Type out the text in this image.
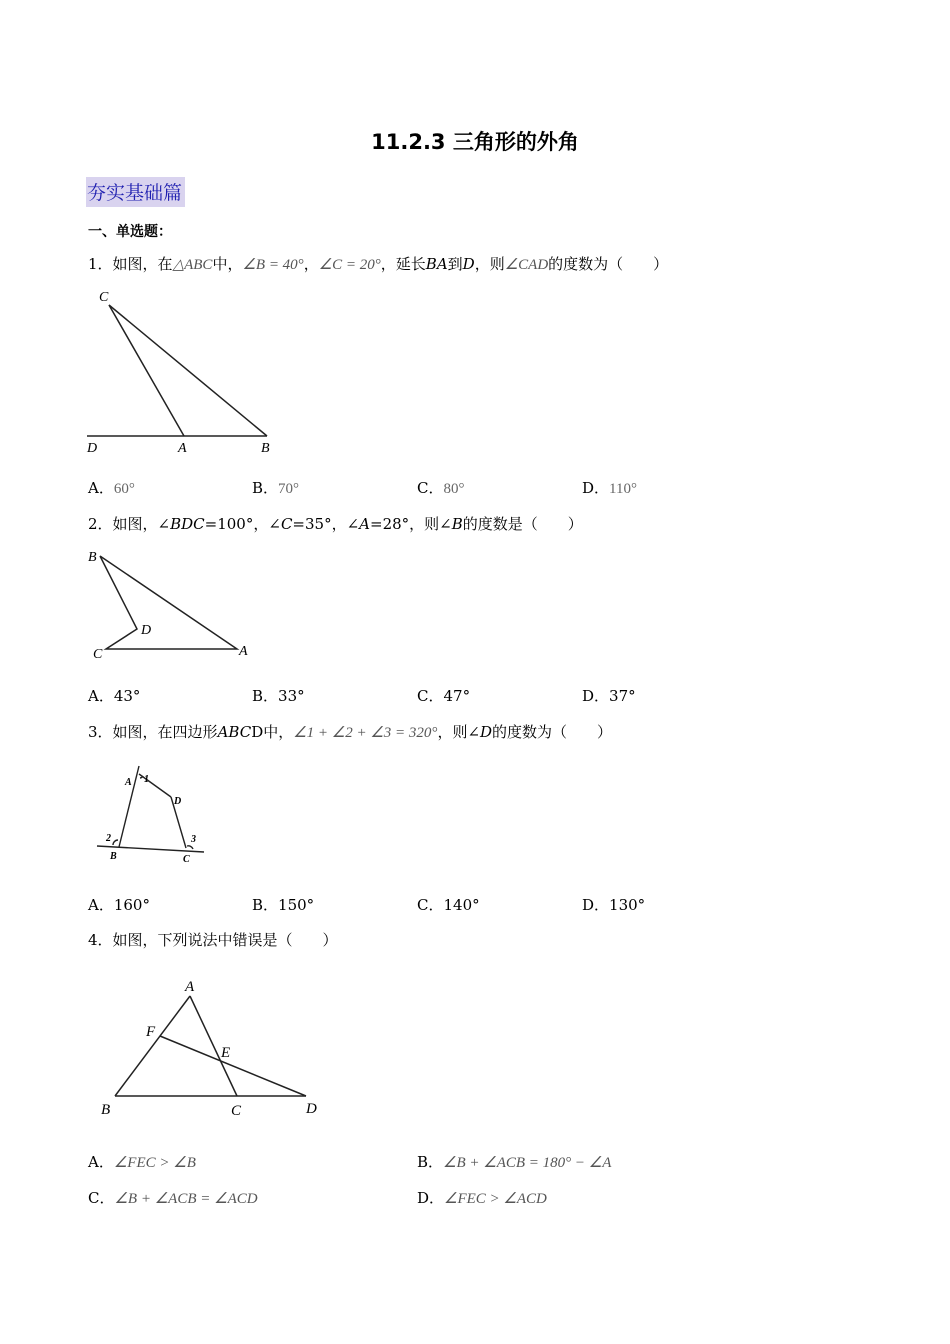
11.2.3 三角形的外角
夯实基础篇
一、单选题：
1．如图，在△ABC中，∠B = 40°，∠C = 20°，延长BA到D，则∠CAD的度数为（　　）
C
D	A	B
A．60°	B．70°	C．80°	D．110°
2．如图，∠BDC=100°，∠C=35°，∠A=28°，则∠B的度数是（　　）
B
D
C	A
A．43°	B．33°	C．47°	D．37°
3．如图，在四边形ABCD中，∠1 + ∠2 + ∠3 = 320°，则∠D的度数为（　　）
A 1
D
2
B
3
C
A．160°	B．150°	C．140°	D．130°
4．如图，下列说法中错误是（　　）
A
F
E
B	C	D
A．∠FEC > ∠B	B．∠B + ∠ACB = 180° − ∠A
C．∠B + ∠ACB = ∠ACD	D．∠FEC > ∠ACD
